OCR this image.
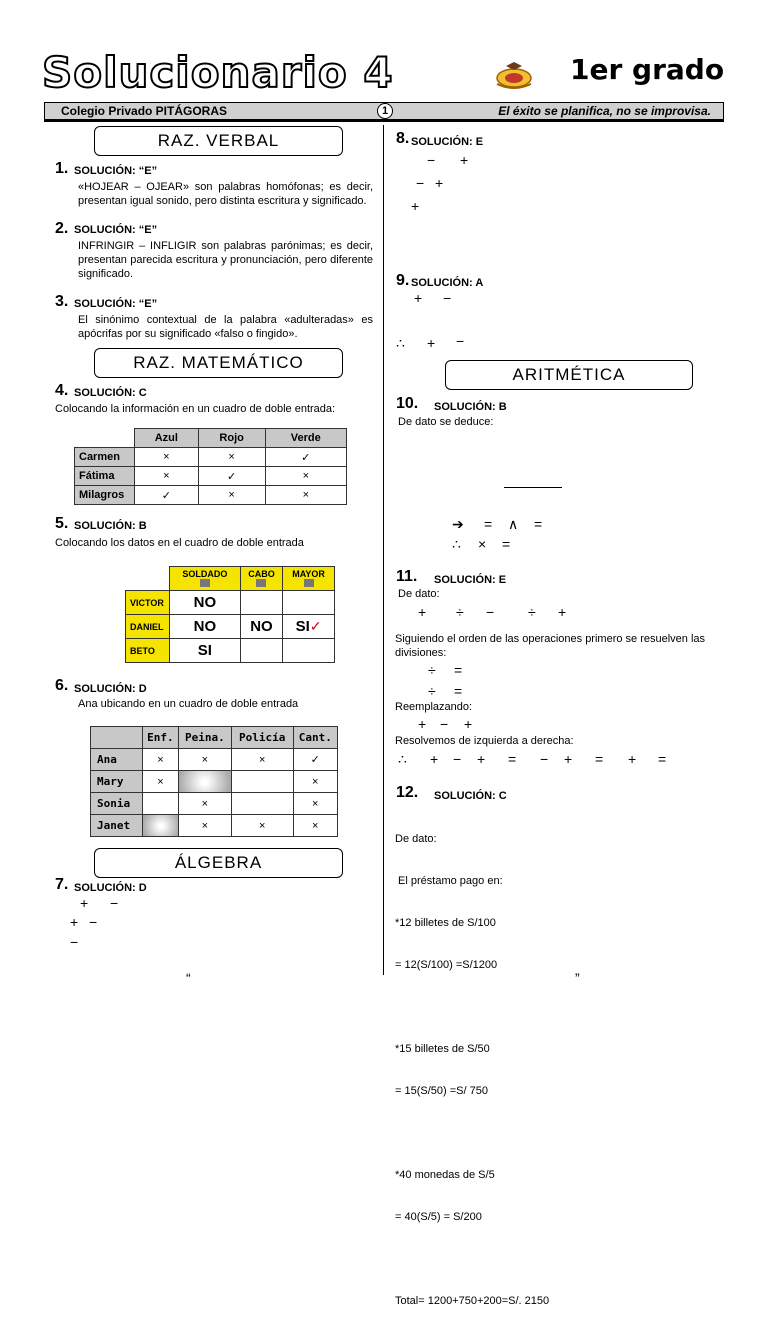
Solucionario 4	1er grado
Colegio Privado PITÁGORAS	1	El éxito se planifica, no se improvisa.
RAZ. VERBAL
1. SOLUCIÓN: “E”
«HOJEAR – OJEAR» son palabras homófonas; es decir, presentan igual sonido, pero distinta escritura y significado.
2. SOLUCIÓN: “E”
INFRINGIR – INFLIGIR son palabras parónimas; es decir, presentan parecida escritura y pronunciación, pero diferente significado.
3. SOLUCIÓN: “E”
El sinónimo contextual de la palabra «adulteradas» es apócrifas por su significado «falso o fingido».
RAZ. MATEMÁTICO
4. SOLUCIÓN: C
Colocando la información en un cuadro de doble entrada:
	Azul	Rojo	Verde
Carmen	×	×	✓
Fátima	×	✓	×
Milagros	✓	×	×
5. SOLUCIÓN: B
Colocando los datos en el cuadro de doble entrada
	SOLDADO	CABO	MAYOR

VICTOR	NO		
DANIEL	NO	NO	SI✓
BETO	SI		
6. SOLUCIÓN: D
Ana ubicando en un cuadro de doble entrada
	Enf.	Peina.	Policía	Cant.
Ana	×	×	×	✓
Mary	×			×
Sonia		×		×
Janet		×	×	×
ÁLGEBRA
7. SOLUCIÓN: D
+ −
+ −
−
8. SOLUCIÓN: E
− +
− +
+
9. SOLUCIÓN: A
+ −
∴ + −
ARITMÉTICA
10. SOLUCIÓN: B
De dato se deduce:
➔ = ∧ =
∴ × =
11. SOLUCIÓN: E
De dato:
+ ÷ − ÷ +
Siguiendo el orden de las operaciones primero se resuelven las divisiones:
÷ =
÷ =
Reemplazando:
+ − +
Resolvemos de izquierda a derecha:
∴ + − + = − + = + =
12. SOLUCIÓN: C

De dato:

El préstamo pago en:

*12 billetes de S/100

= 12(S/100) =S/1200

*15 billetes de S/50

= 15(S/50) =S/ 750

*40 monedas de S/5

= 40(S/5) = S/200

Total= 1200+750+200=S/. 2150

“	”
